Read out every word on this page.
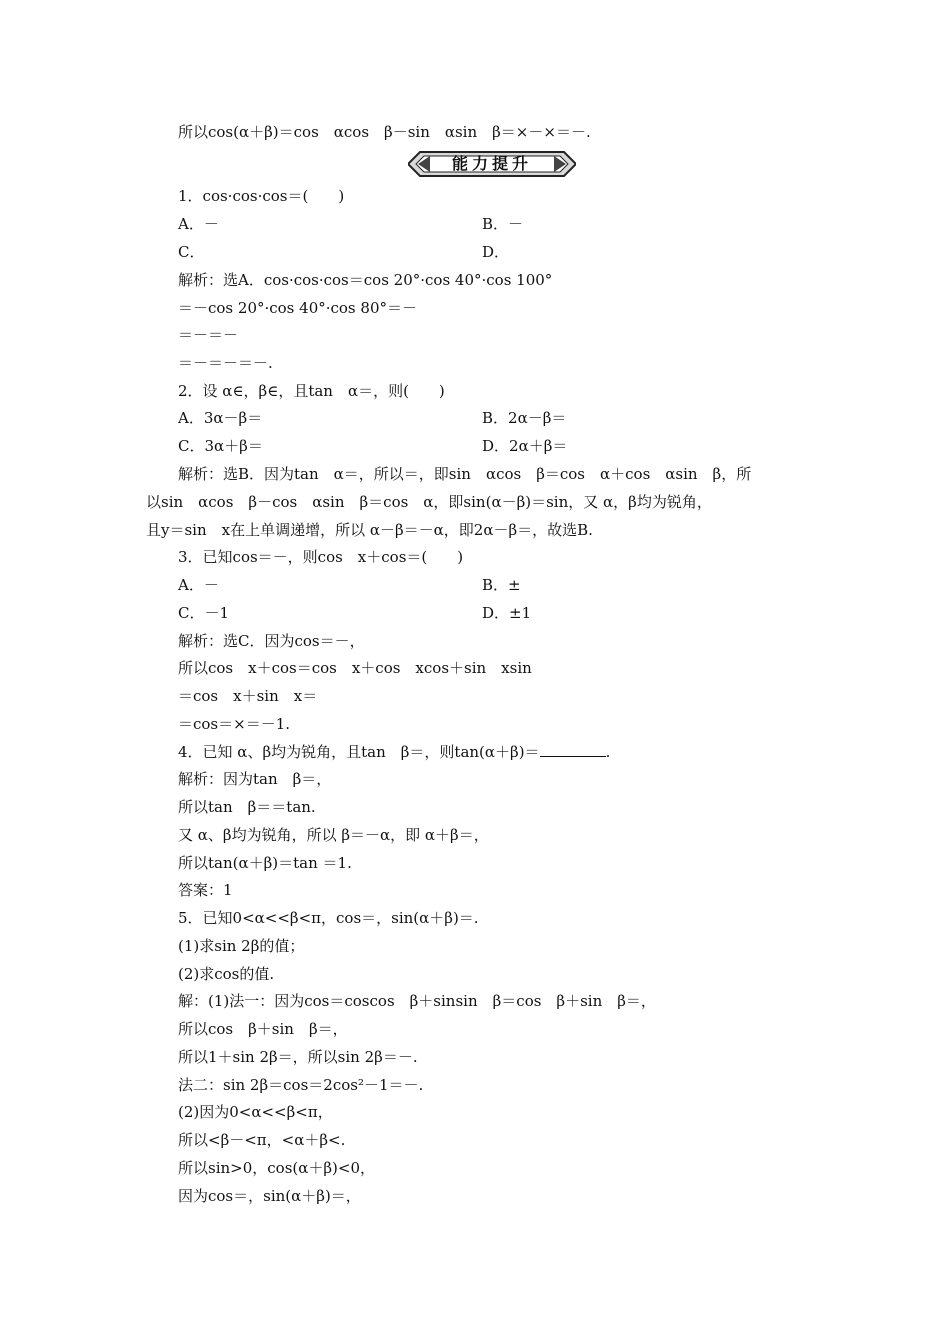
所以cos(α＋β)＝cos　αcos　β－sin　αsin　β＝×－×＝－.
能力提升
1．cos·cos·cos＝(　　)
A．－	B．－
C．	D．
解析：选A．cos·cos·cos＝cos 20°·cos 40°·cos 100°
＝－cos 20°·cos 40°·cos 80°＝－
＝－＝－
＝－＝－＝－.
2．设 α∈，β∈，且tan　α＝，则(　　)
A．3α－β＝	B．2α－β＝
C．3α＋β＝	D．2α＋β＝
解析：选B．因为tan　α＝，所以＝，即sin　αcos　β＝cos　α＋cos　αsin　β，所
以sin　αcos　β－cos　αsin　β＝cos　α，即sin(α－β)＝sin，又 α，β均为锐角，
且y＝sin　x在上单调递增，所以 α－β＝－α，即2α－β＝，故选B.
3．已知cos＝－，则cos　x＋cos＝(　　)
A．－	B．±
C．－1	D．±1
解析：选C．因为cos＝－，
所以cos　x＋cos＝cos　x＋cos　xcos＋sin　xsin
＝cos　x＋sin　x＝
＝cos＝×＝－1.
4．已知 α、β均为锐角，且tan　β＝，则tan(α＋β)＝	.
解析：因为tan　β＝，
所以tan　β＝＝tan.
又 α、β均为锐角，所以 β＝－α，即 α＋β＝，
所以tan(α＋β)＝tan ＝1.
答案：1
5．已知0<α<<β<π，cos＝，sin(α＋β)＝.
(1)求sin 2β的值；
(2)求cos的值.
解：(1)法一：因为cos＝coscos　β＋sinsin　β＝cos　β＋sin　β＝，
所以cos　β＋sin　β＝，
所以1＋sin 2β＝，所以sin 2β＝－.
法二：sin 2β＝cos＝2cos²－1＝－.
(2)因为0<α<<β<π，
所以<β－<π，<α＋β<.
所以sin>0，cos(α＋β)<0，
因为cos＝，sin(α＋β)＝，
